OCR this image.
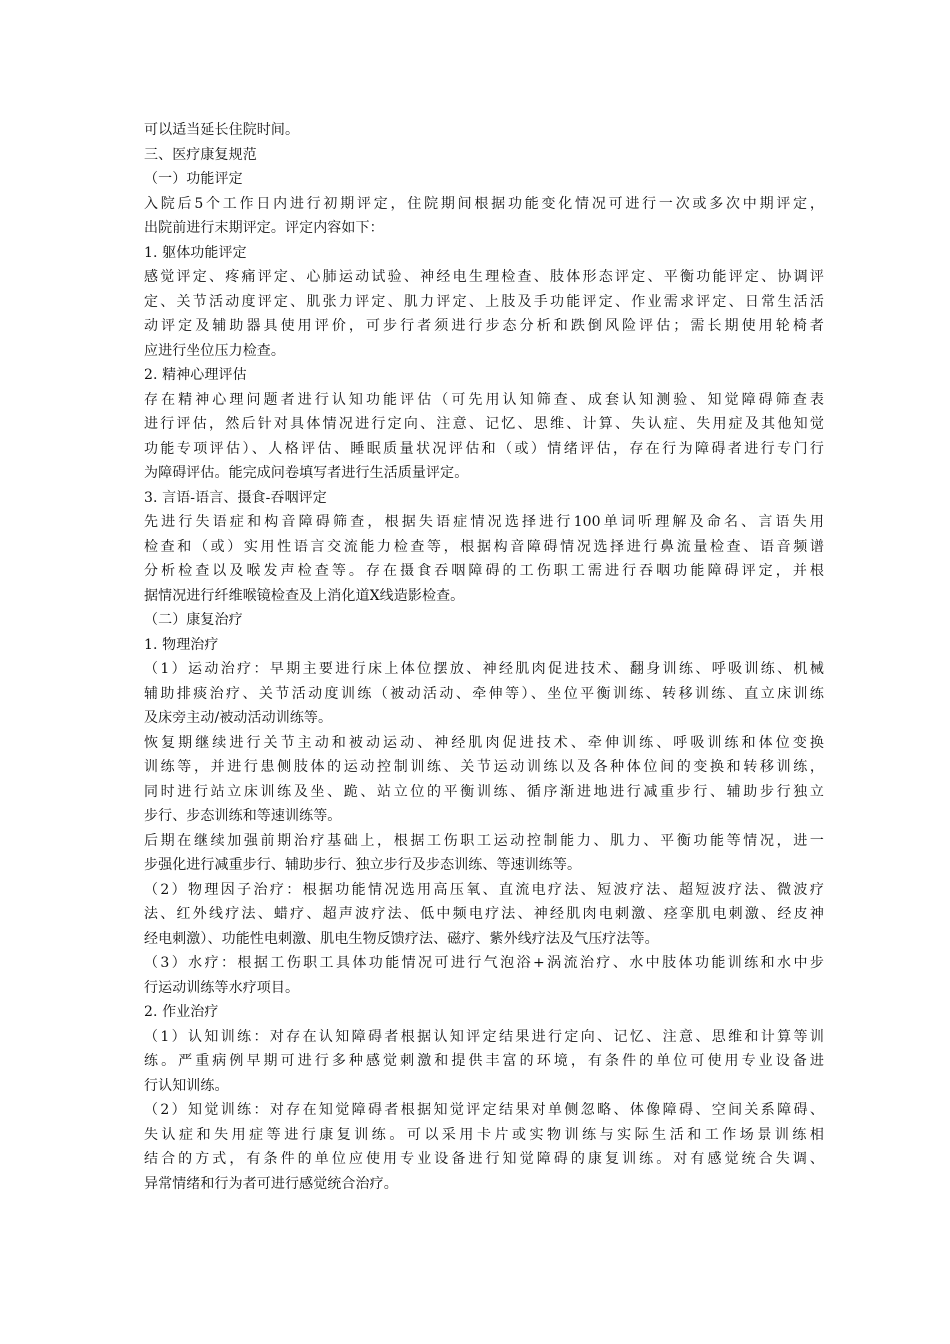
可以适当延长住院时间。
三、医疗康复规范
（一）功能评定
入院后5个工作日内进行初期评定，住院期间根据功能变化情况可进行一次或多次中期评定，
出院前进行末期评定。评定内容如下：
1. 躯体功能评定
感觉评定、疼痛评定、心肺运动试验、神经电生理检查、肢体形态评定、平衡功能评定、协调评
定、关节活动度评定、肌张力评定、肌力评定、上肢及手功能评定、作业需求评定、日常生活活
动评定及辅助器具使用评价，可步行者须进行步态分析和跌倒风险评估；需长期使用轮椅者
应进行坐位压力检查。
2. 精神心理评估
存在精神心理问题者进行认知功能评估（可先用认知筛查、成套认知测验、知觉障碍筛查表
进行评估，然后针对具体情况进行定向、注意、记忆、思维、计算、失认症、失用症及其他知觉
功能专项评估）、人格评估、睡眠质量状况评估和（或）情绪评估，存在行为障碍者进行专门行
为障碍评估。能完成问卷填写者进行生活质量评定。
3. 言语-语言、摄食-吞咽评定
先进行失语症和构音障碍筛查，根据失语症情况选择进行100单词听理解及命名、言语失用
检查和（或）实用性语言交流能力检查等，根据构音障碍情况选择进行鼻流量检查、语音频谱
分析检查以及喉发声检查等。存在摄食吞咽障碍的工伤职工需进行吞咽功能障碍评定，并根
据情况进行纤维喉镜检查及上消化道X线造影检查。
（二）康复治疗
1. 物理治疗
（1）运动治疗：早期主要进行床上体位摆放、神经肌肉促进技术、翻身训练、呼吸训练、机械
辅助排痰治疗、关节活动度训练（被动活动、牵伸等）、坐位平衡训练、转移训练、直立床训练
及床旁主动/被动活动训练等。
恢复期继续进行关节主动和被动运动、神经肌肉促进技术、牵伸训练、呼吸训练和体位变换
训练等，并进行患侧肢体的运动控制训练、关节运动训练以及各种体位间的变换和转移训练，
同时进行站立床训练及坐、跪、站立位的平衡训练、循序渐进地进行减重步行、辅助步行独立
步行、步态训练和等速训练等。
后期在继续加强前期治疗基础上，根据工伤职工运动控制能力、肌力、平衡功能等情况，进一
步强化进行减重步行、辅助步行、独立步行及步态训练、等速训练等。
（2）物理因子治疗：根据功能情况选用高压氧、直流电疗法、短波疗法、超短波疗法、微波疗
法、红外线疗法、蜡疗、超声波疗法、低中频电疗法、神经肌肉电刺激、痉挛肌电刺激、经皮神
经电刺激）、功能性电刺激、肌电生物反馈疗法、磁疗、紫外线疗法及气压疗法等。
（3）水疗：根据工伤职工具体功能情况可进行气泡浴+涡流治疗、水中肢体功能训练和水中步
行运动训练等水疗项目。
2. 作业治疗
（1）认知训练：对存在认知障碍者根据认知评定结果进行定向、记忆、注意、思维和计算等训
练。严重病例早期可进行多种感觉刺激和提供丰富的环境，有条件的单位可使用专业设备进
行认知训练。
（2）知觉训练：对存在知觉障碍者根据知觉评定结果对单侧忽略、体像障碍、空间关系障碍、
失认症和失用症等进行康复训练。可以采用卡片或实物训练与实际生活和工作场景训练相
结合的方式，有条件的单位应使用专业设备进行知觉障碍的康复训练。对有感觉统合失调、
异常情绪和行为者可进行感觉统合治疗。
